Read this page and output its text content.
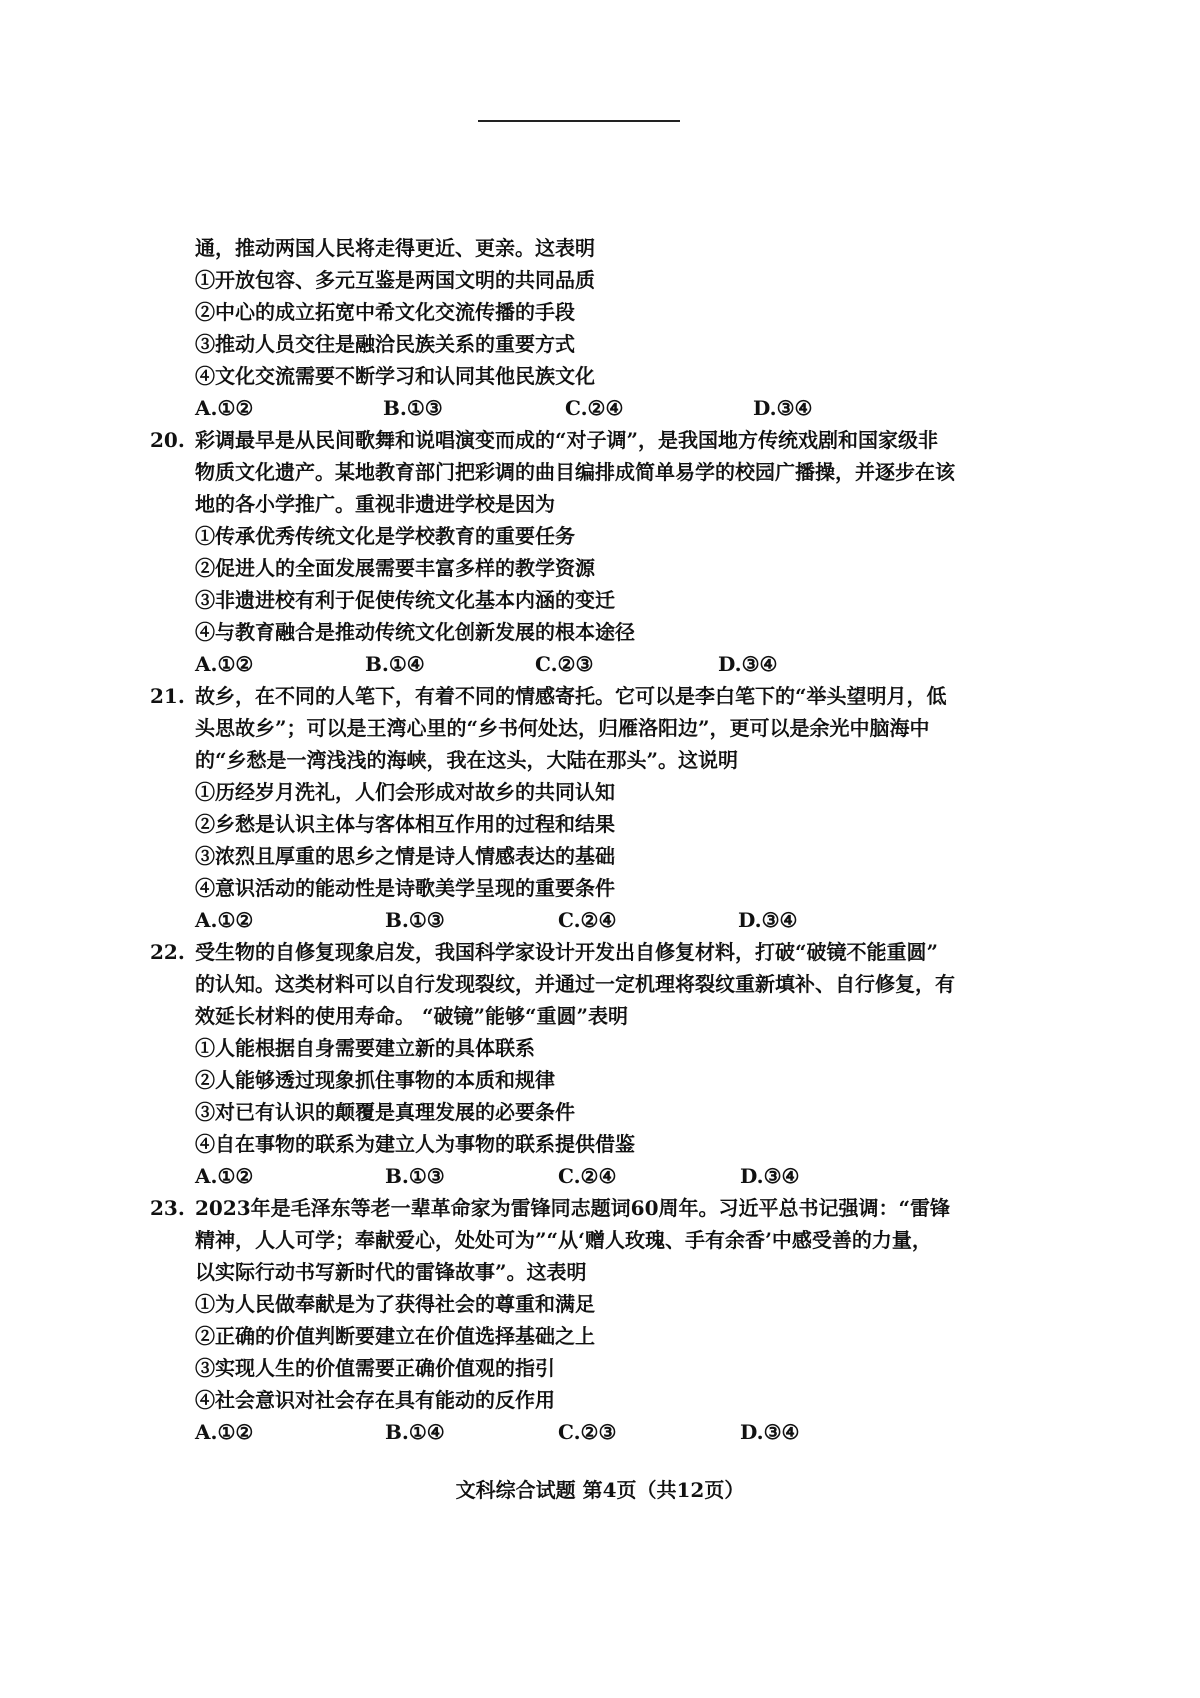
通，推动两国人民将走得更近、更亲。这表明
①开放包容、多元互鉴是两国文明的共同品质
②中心的成立拓宽中希文化交流传播的手段
③推动人员交往是融洽民族关系的重要方式
④文化交流需要不断学习和认同其他民族文化
A.①②	B.①③	C.②④	D.③④
20. 彩调最早是从民间歌舞和说唱演变而成的“对子调”，是我国地方传统戏剧和国家级非
物质文化遗产。某地教育部门把彩调的曲目编排成简单易学的校园广播操，并逐步在该
地的各小学推广。重视非遗进学校是因为
①传承优秀传统文化是学校教育的重要任务
②促进人的全面发展需要丰富多样的教学资源
③非遗进校有利于促使传统文化基本内涵的变迁
④与教育融合是推动传统文化创新发展的根本途径
A.①②	B.①④	C.②③	D.③④
21. 故乡，在不同的人笔下，有着不同的情感寄托。它可以是李白笔下的“举头望明月，低
头思故乡”；可以是王湾心里的“乡书何处达，归雁洛阳边”，更可以是余光中脑海中
的“乡愁是一湾浅浅的海峡，我在这头，大陆在那头”。这说明
①历经岁月洗礼，人们会形成对故乡的共同认知
②乡愁是认识主体与客体相互作用的过程和结果
③浓烈且厚重的思乡之情是诗人情感表达的基础
④意识活动的能动性是诗歌美学呈现的重要条件
A.①②	B.①③	C.②④	D.③④
22. 受生物的自修复现象启发，我国科学家设计开发出自修复材料，打破“破镜不能重圆”
的认知。这类材料可以自行发现裂纹，并通过一定机理将裂纹重新填补、自行修复，有
效延长材料的使用寿命。 “破镜”能够“重圆”表明
①人能根据自身需要建立新的具体联系
②人能够透过现象抓住事物的本质和规律
③对已有认识的颠覆是真理发展的必要条件
④自在事物的联系为建立人为事物的联系提供借鉴
A.①②	B.①③	C.②④	D.③④
23. 2023年是毛泽东等老一辈革命家为雷锋同志题词60周年。习近平总书记强调：“雷锋
精神，人人可学；奉献爱心，处处可为”“从‘赠人玫瑰、手有余香’中感受善的力量，
以实际行动书写新时代的雷锋故事”。这表明
①为人民做奉献是为了获得社会的尊重和满足
②正确的价值判断要建立在价值选择基础之上
③实现人生的价值需要正确价值观的指引
④社会意识对社会存在具有能动的反作用
A.①②	B.①④	C.②③	D.③④
文科综合试题 第4页（共12页）
